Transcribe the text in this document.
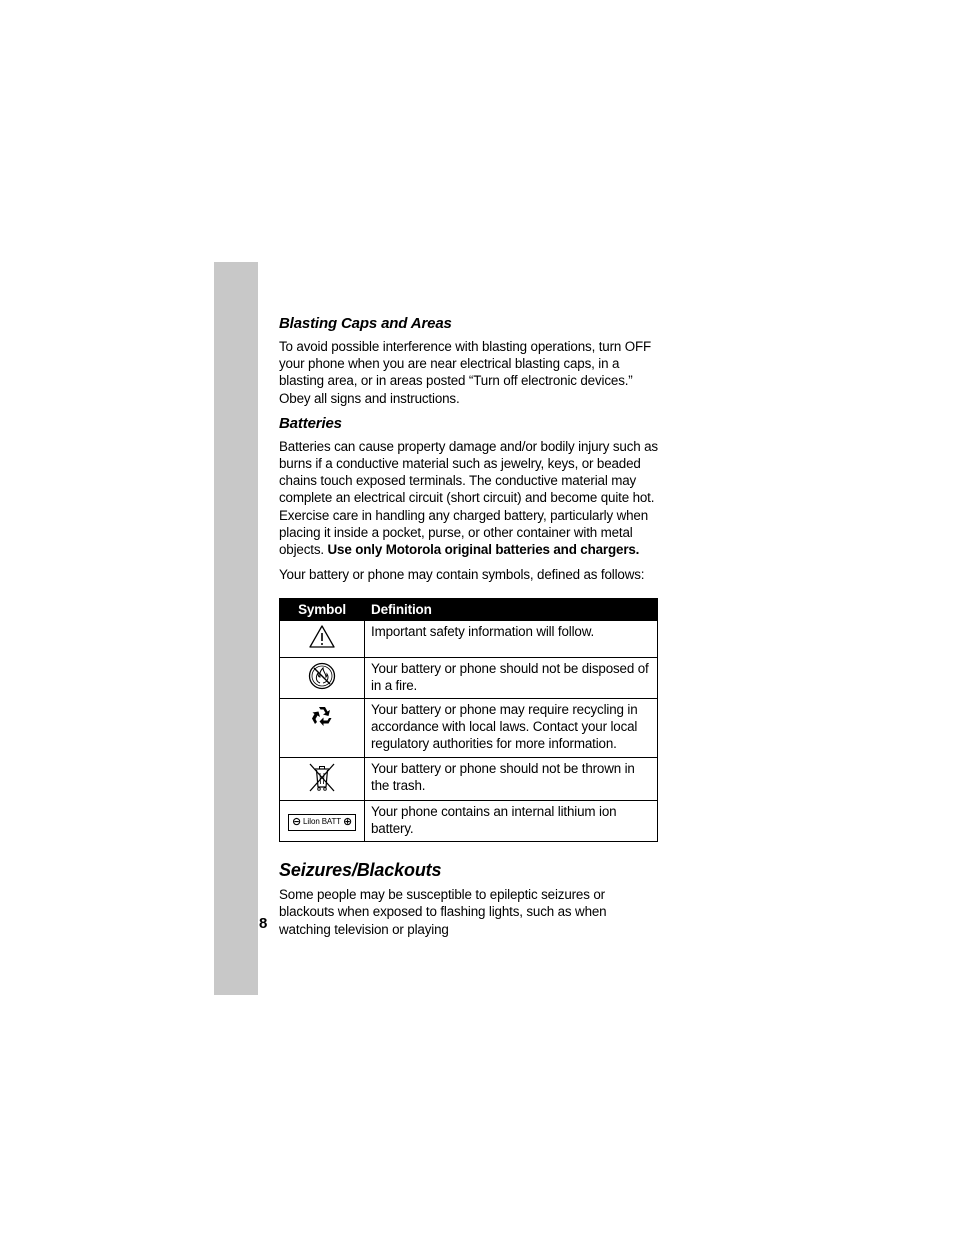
8
Blasting Caps and Areas

To avoid possible interference with blasting operations, turn OFF your phone when you are near electrical blasting caps, in a blasting area, or in areas posted “Turn off electronic devices.” Obey all signs and instructions.

Batteries

Batteries can cause property damage and/or bodily injury such as burns if a conductive material such as jewelry, keys, or beaded chains touch exposed terminals. The conductive material may complete an electrical circuit (short circuit) and become quite hot. Exercise care in handling any charged battery, particularly when placing it inside a pocket, purse, or other container with metal objects. Use only Motorola original batteries and chargers.

Your battery or phone may contain symbols, defined as follows:

Symbol	Definition
	Important safety information will follow.
	Your battery or phone should not be disposed of in a fire.
	Your battery or phone may require recycling in accordance with local laws. Contact your local regulatory authorities for more information.
	Your battery or phone should not be thrown in the trash.
⊖ LiIon BATT ⊕	Your phone contains an internal lithium ion battery.
Seizures/Blackouts

Some people may be susceptible to epileptic seizures or blackouts when exposed to flashing lights, such as when watching television or playing
